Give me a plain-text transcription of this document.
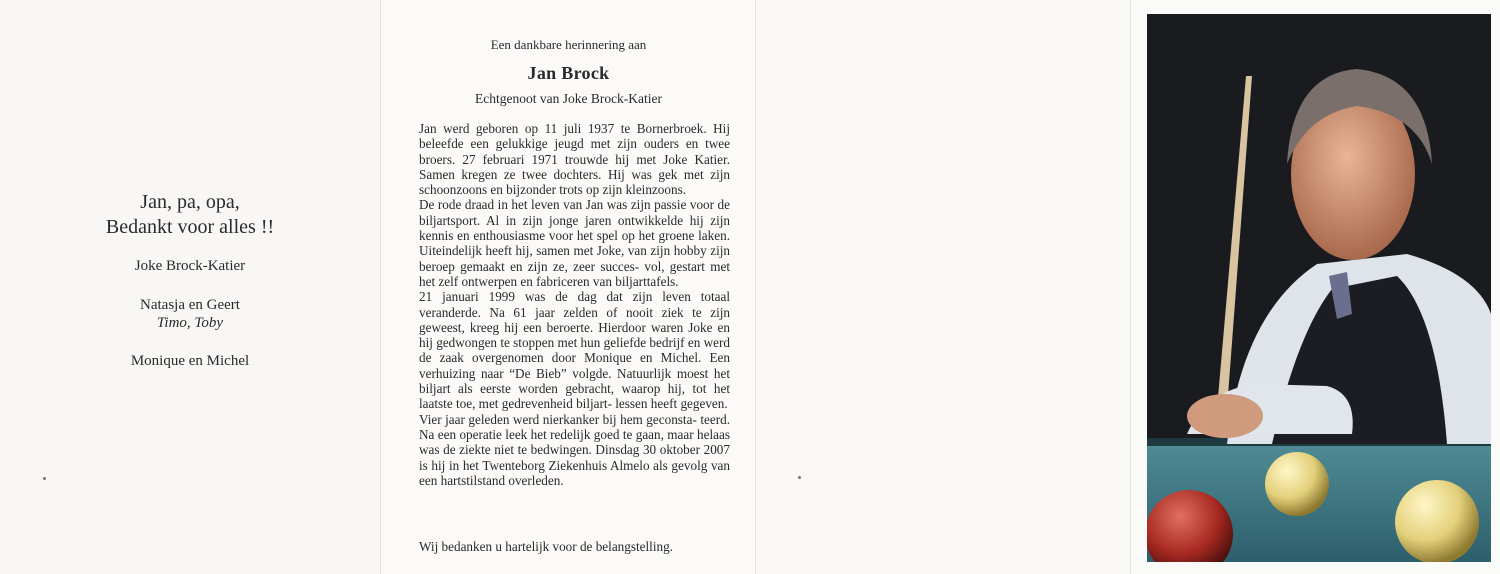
Jan, pa, opa,
Bedankt voor alles !!
Joke Brock-Katier
Natasja en Geert
Timo, Toby
Monique en Michel
Een dankbare herinnering aan
Jan Brock
Echtgenoot van Joke Brock-Katier

Jan werd geboren op 11 juli 1937 te Bornerbroek. Hij beleefde een gelukkige jeugd met zijn ouders en twee broers. 27 februari 1971 trouwde hij met Joke Katier. Samen kregen ze twee dochters. Hij was gek met zijn schoonzoons en bijzonder trots op zijn kleinzoons.

De rode draad in het leven van Jan was zijn passie voor de biljartsport. Al in zijn jonge jaren ontwikkelde hij zijn kennis en enthousiasme voor het spel op het groene laken. Uiteindelijk heeft hij, samen met Joke, van zijn hobby zijn beroep gemaakt en zijn ze, zeer succes- vol, gestart met het zelf ontwerpen en fabriceren van biljarttafels.

21 januari 1999 was de dag dat zijn leven totaal veranderde. Na 61 jaar zelden of nooit ziek te zijn geweest, kreeg hij een beroerte. Hierdoor waren Joke en hij gedwongen te stoppen met hun geliefde bedrijf en werd de zaak overgenomen door Monique en Michel. Een verhuizing naar “De Bieb” volgde. Natuurlijk moest het biljart als eerste worden gebracht, waarop hij, tot het laatste toe, met gedrevenheid biljart- lessen heeft gegeven.

Vier jaar geleden werd nierkanker bij hem geconsta- teerd. Na een operatie leek het redelijk goed te gaan, maar helaas was de ziekte niet te bedwingen. Dinsdag 30 oktober 2007 is hij in het Twenteborg Ziekenhuis Almelo als gevolg van een hartstilstand overleden.

Wij bedanken u hartelijk voor de belangstelling.
